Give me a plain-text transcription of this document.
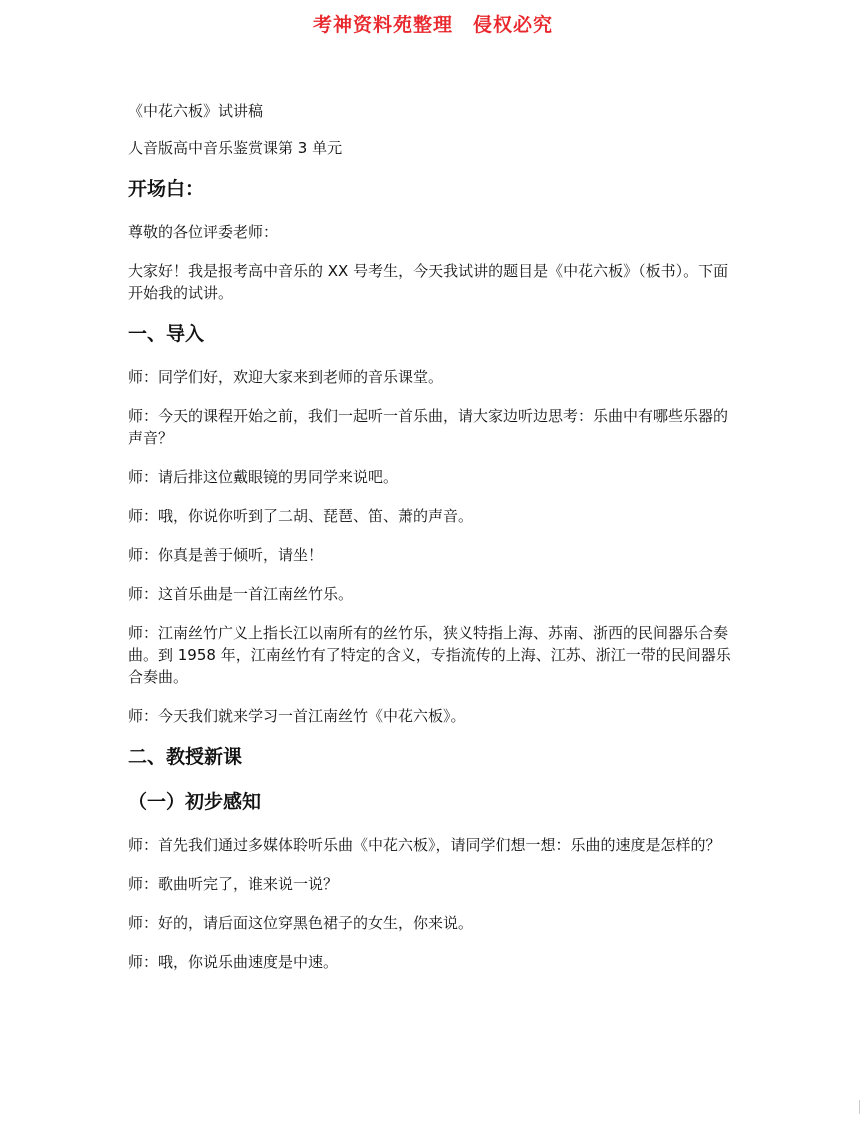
考神资料苑整理　侵权必究

《中花六板》试讲稿

人音版高中音乐鉴赏课第 3 单元

开场白：

尊敬的各位评委老师：

大家好！我是报考高中音乐的 XX 号考生，今天我试讲的题目是《中花六板》（板书）。下面开始我的试讲。

一、导入

师：同学们好，欢迎大家来到老师的音乐课堂。

师：今天的课程开始之前，我们一起听一首乐曲，请大家边听边思考：乐曲中有哪些乐器的声音？

师：请后排这位戴眼镜的男同学来说吧。

师：哦，你说你听到了二胡、琵琶、笛、萧的声音。

师：你真是善于倾听，请坐！

师：这首乐曲是一首江南丝竹乐。

师：江南丝竹广义上指长江以南所有的丝竹乐，狭义特指上海、苏南、浙西的民间器乐合奏曲。到 1958 年，江南丝竹有了特定的含义，专指流传的上海、江苏、浙江一带的民间器乐合奏曲。

师：今天我们就来学习一首江南丝竹《中花六板》。

二、教授新课
（一）初步感知

师：首先我们通过多媒体聆听乐曲《中花六板》，请同学们想一想：乐曲的速度是怎样的？

师：歌曲听完了，谁来说一说？

师：好的，请后面这位穿黑色裙子的女生，你来说。

师：哦，你说乐曲速度是中速。
